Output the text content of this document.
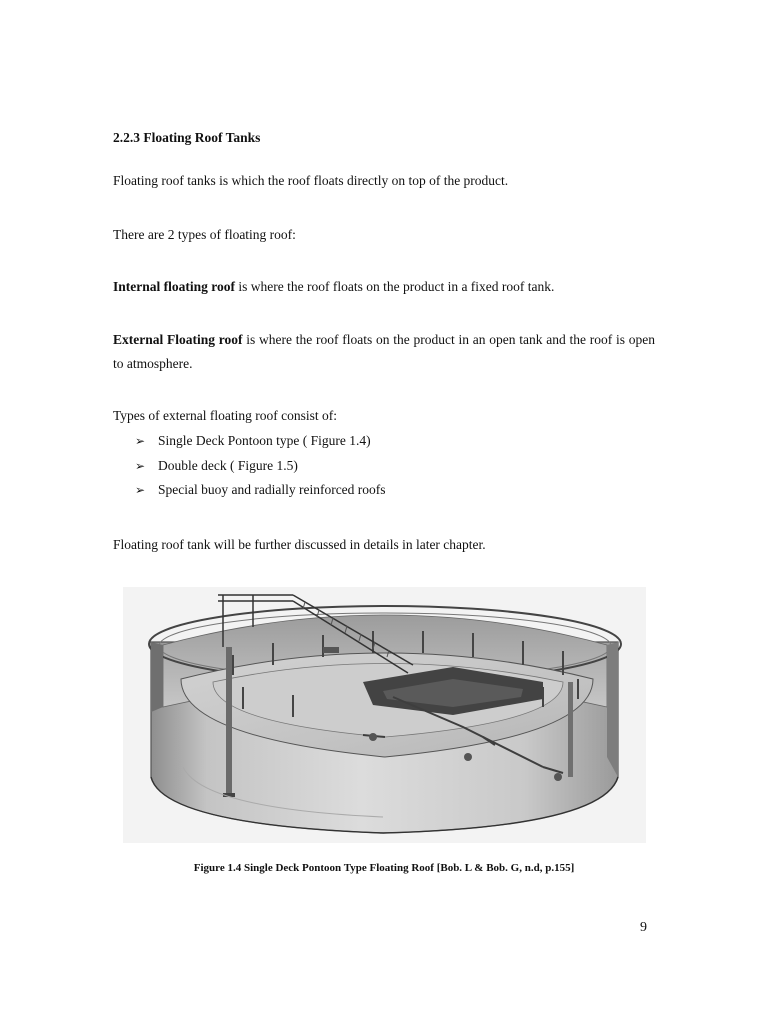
2.2.3 Floating Roof Tanks
Floating roof tanks is which the roof floats directly on top of the product.
There are 2 types of floating roof:
Internal floating roof is where the roof floats on the product in a fixed roof tank.
External Floating roof is where the roof floats on the product in an open tank and the roof is open to atmosphere.
Types of external floating roof consist of:
➢ Single Deck Pontoon type ( Figure 1.4)
➢ Double deck ( Figure 1.5)
➢ Special buoy and radially reinforced roofs
Floating roof tank will be further discussed in details in later chapter.
Figure 1.4 Single Deck Pontoon Type Floating Roof [Bob. L & Bob. G, n.d, p.155]
9
